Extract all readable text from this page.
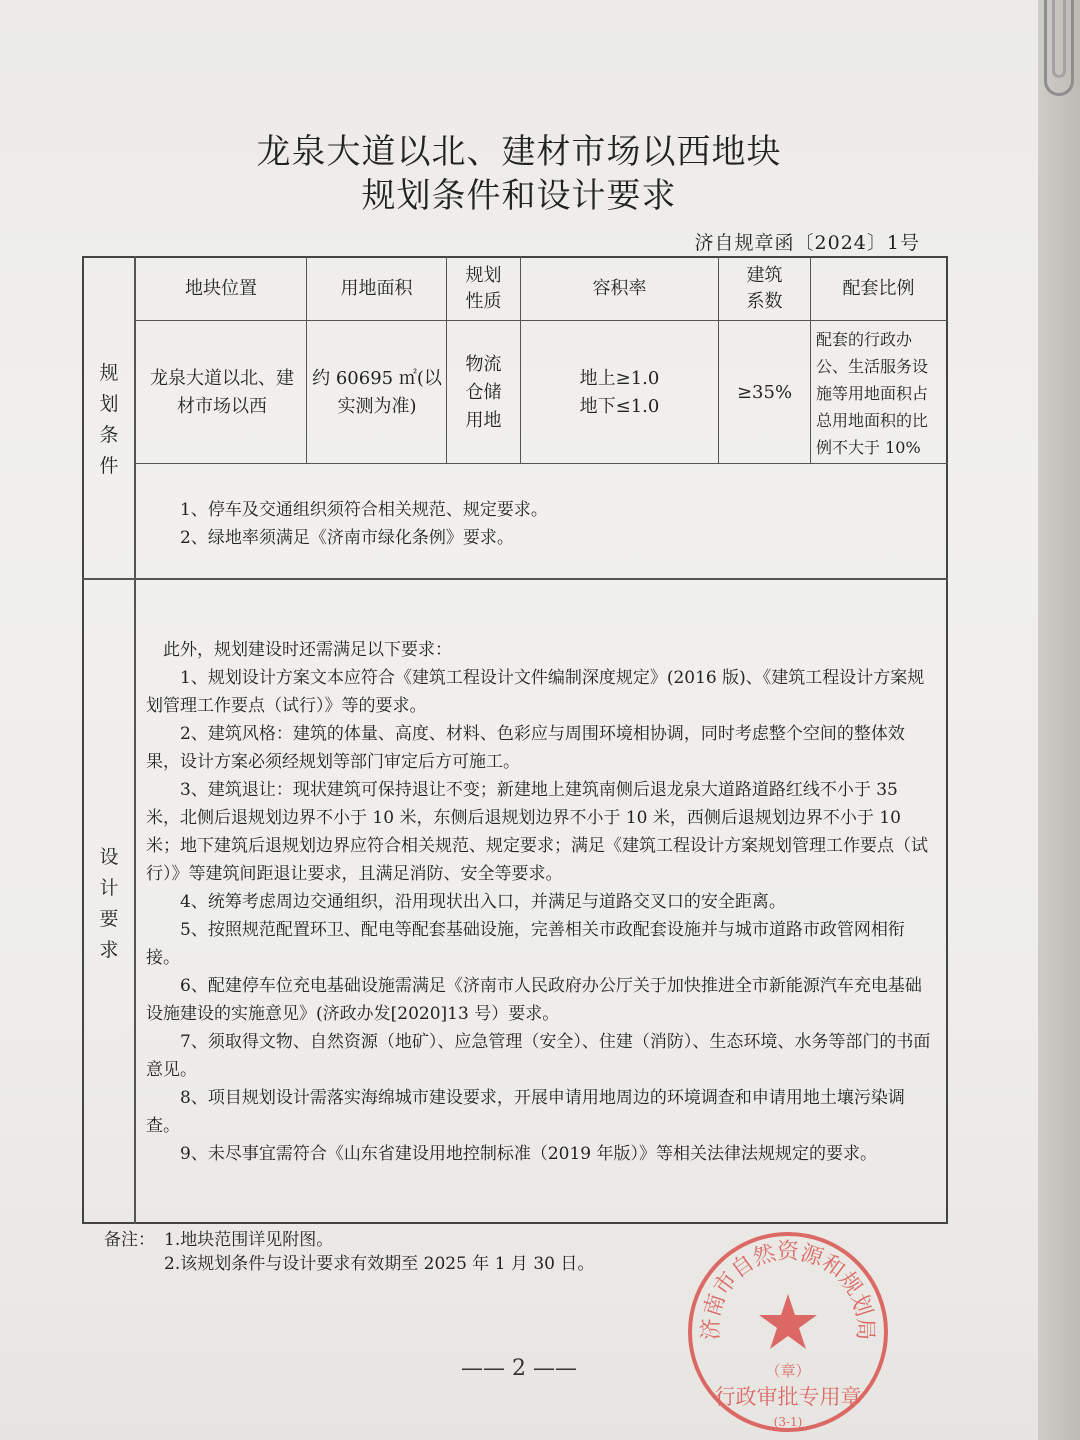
龙泉大道以北、建材市场以西地块
规划条件和设计要求
济自规章函〔2024〕1号
规
划
条
件
设
计
要
求
地块位置	用地面积
规划
性质
容积率
建筑
系数
配套比例
龙泉大道以北、建材市场以西
约 60695 ㎡(以实测为准)
物流
仓储
用地
地上≥1.0
地下≤1.0
≥35%
配套的行政办公、生活服务设施等用地面积占总用地面积的比例不大于 10%

1、停车及交通组织须符合相关规范、规定要求。

2、绿地率须满足《济南市绿化条例》要求。

此外，规划建设时还需满足以下要求：

1、规划设计方案文本应符合《建筑工程设计文件编制深度规定》(2016 版)、《建筑工程设计方案规划管理工作要点（试行）》等的要求。

2、建筑风格：建筑的体量、高度、材料、色彩应与周围环境相协调，同时考虑整个空间的整体效果，设计方案必须经规划等部门审定后方可施工。

3、建筑退让：现状建筑可保持退让不变；新建地上建筑南侧后退龙泉大道路道路红线不小于 35 米，北侧后退规划边界不小于 10 米，东侧后退规划边界不小于 10 米，西侧后退规划边界不小于 10 米；地下建筑后退规划边界应符合相关规范、规定要求；满足《建筑工程设计方案规划管理工作要点（试行）》等建筑间距退让要求，且满足消防、安全等要求。

4、统筹考虑周边交通组织，沿用现状出入口，并满足与道路交叉口的安全距离。

5、按照规范配置环卫、配电等配套基础设施，完善相关市政配套设施并与城市道路市政管网相衔接。

6、配建停车位充电基础设施需满足《济南市人民政府办公厅关于加快推进全市新能源汽车充电基础设施建设的实施意见》(济政办发[2020]13 号）要求。

7、须取得文物、自然资源（地矿）、应急管理（安全）、住建（消防）、生态环境、水务等部门的书面意见。

8、项目规划设计需落实海绵城市建设要求，开展申请用地周边的环境调查和申请用地土壤污染调查。

9、未尽事宜需符合《山东省建设用地控制标准（2019 年版）》等相关法律法规规定的要求。

备注： 1.地块范围详见附图。
2.该规划条件与设计要求有效期至 2025 年 1 月 30 日。
济南市自然资源和规划局
（章）
行政审批专用章
(3-1)
—— 2 ——
